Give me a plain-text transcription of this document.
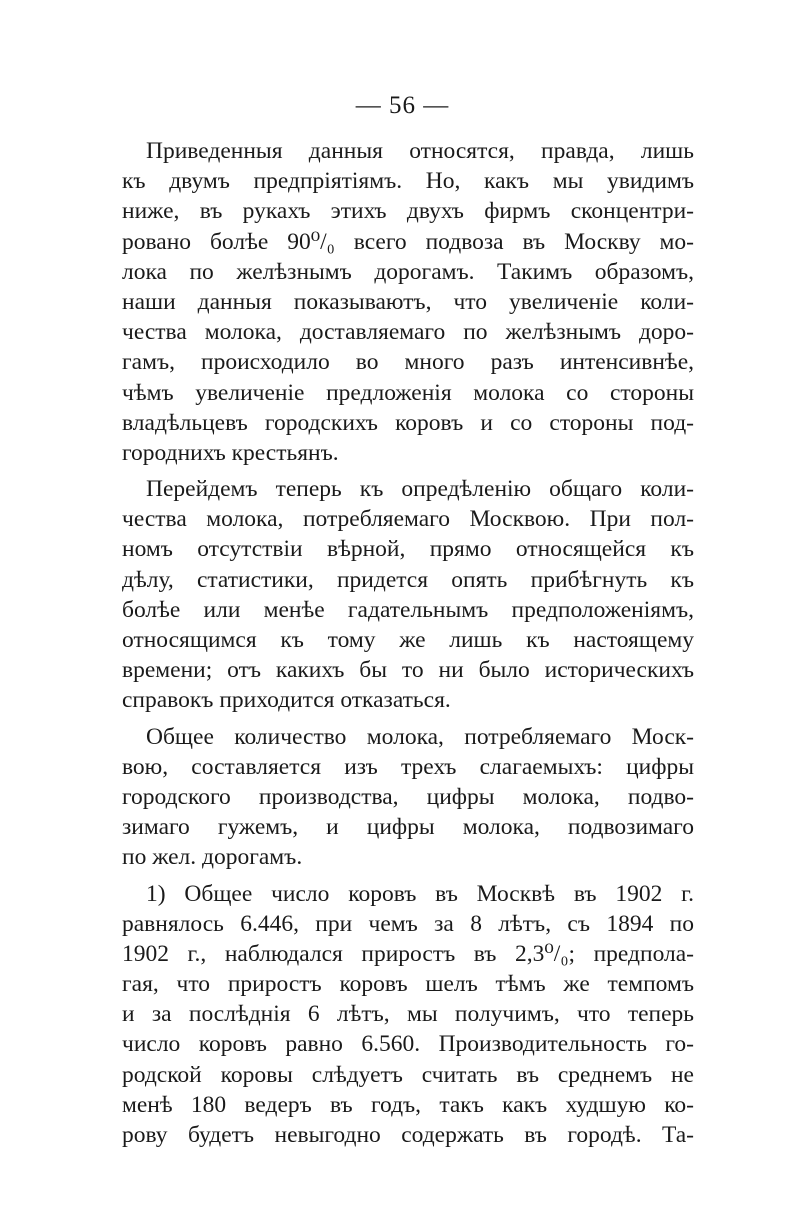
— 56 —
Приведенныя данныя относятся, правда, лишь
къ двумъ предпріятіямъ. Но, какъ мы увидимъ
ниже, въ рукахъ этихъ двухъ фирмъ сконцентри-
ровано болѣе 90⁰/₀ всего подвоза въ Москву мо-
лока по желѣзнымъ дорогамъ. Такимъ образомъ,
наши данныя показываютъ, что увеличеніе коли-
чества молока, доставляемаго по желѣзнымъ доро-
гамъ, происходило во много разъ интенсивнѣе,
чѣмъ увеличеніе предложенія молока со стороны
владѣльцевъ городскихъ коровъ и со стороны под-
городнихъ крестьянъ.
Перейдемъ теперь къ опредѣленію общаго коли-
чества молока, потребляемаго Москвою. При пол-
номъ отсутствіи вѣрной, прямо относящейся къ
дѣлу, статистики, придется опять прибѣгнуть къ
болѣе или менѣе гадательнымъ предположеніямъ,
относящимся къ тому же лишь къ настоящему
времени; отъ какихъ бы то ни было историческихъ
справокъ приходится отказаться.
Общее количество молока, потребляемаго Моск-
вою, составляется изъ трехъ слагаемыхъ: цифры
городского производства, цифры молока, подво-
зимаго гужемъ, и цифры молока, подвозимаго
по жел. дорогамъ.
1) Общее число коровъ въ Москвѣ въ 1902 г.
равнялось 6.446, при чемъ за 8 лѣтъ, съ 1894 по
1902 г., наблюдался приростъ въ 2,3⁰/₀; предпола-
гая, что приростъ коровъ шелъ тѣмъ же темпомъ
и за послѣднія 6 лѣтъ, мы получимъ, что теперь
число коровъ равно 6.560. Производительность го-
родской коровы слѣдуетъ считать въ среднемъ не
менѣ 180 ведеръ въ годъ, такъ какъ худшую ко-
рову будетъ невыгодно содержать въ городѣ. Та-
